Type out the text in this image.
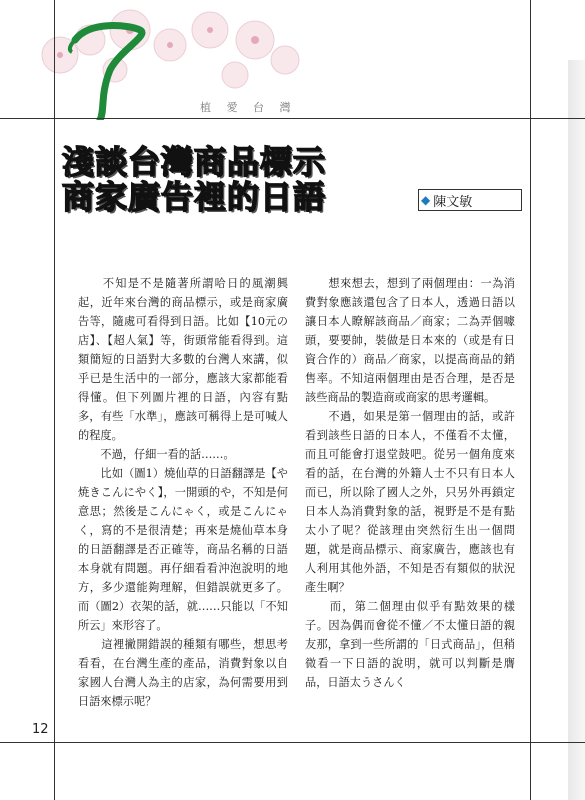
植 愛 台 灣
淺談台灣商品標示
商家廣告裡的日語	◆ 陳文敏

　　不知是不是隨著所謂哈日的風潮興起，近年來台灣的商品標示，或是商家廣告等，隨處可看得到日語。比如【10元の店】、【超人氣】等，街頭常能看得到。這類簡短的日語對大多數的台灣人來講，似乎已是生活中的一部分，應該大家都能看得懂。但下列圖片裡的日語，內容有點多，有些「水準」，應該可稱得上是可喊人的程度。

　　不過，仔細一看的話……。

　　比如（圖1）燒仙草的日語翻譯是【や焼きこんにやく】，一開頭的や，不知是何意思；然後是こんにゃく，或是こんにゃく，寫的不是很清楚；再來是燒仙草本身的日語翻譯是否正確等，商品名稱的日語本身就有問題。再仔細看看沖泡說明的地方，多少還能夠理解，但錯誤就更多了。而（圖2）衣架的話，就……只能以「不知所云」來形容了。

　　這裡撇開錯誤的種類有哪些，想思考看看，在台灣生產的產品，消費對象以自家國人台灣人為主的店家，為何需要用到日語來標示呢？

　　想來想去，想到了兩個理由：一為消費對象應該還包含了日本人，透過日語以讓日本人瞭解該商品／商家；二為弄個噱頭，要要帥，裝做是日本來的（或是有日資合作的）商品／商家，以提高商品的銷售率。不知這兩個理由是否合理，是否是該些商品的製造商或商家的思考邏輯。

　　不過，如果是第一個理由的話，或許看到該些日語的日本人，不僅看不太懂，而且可能會打退堂鼓吧。從另一個角度來看的話，在台灣的外籍人士不只有日本人而已，所以除了國人之外，只另外再鎖定日本人為消費對象的話，視野是不是有點太小了呢？從該理由突然衍生出一個問題，就是商品標示、商家廣告，應該也有人利用其他外語，不知是否有類似的狀況產生啊？

　　而，第二個理由似乎有點效果的樣子。因為偶而會從不懂／不太懂日語的親友那，拿到一些所謂的「日式商品」，但稍微看一下日語的說明，就可以判斷是膺品，日語太うさんく

12
